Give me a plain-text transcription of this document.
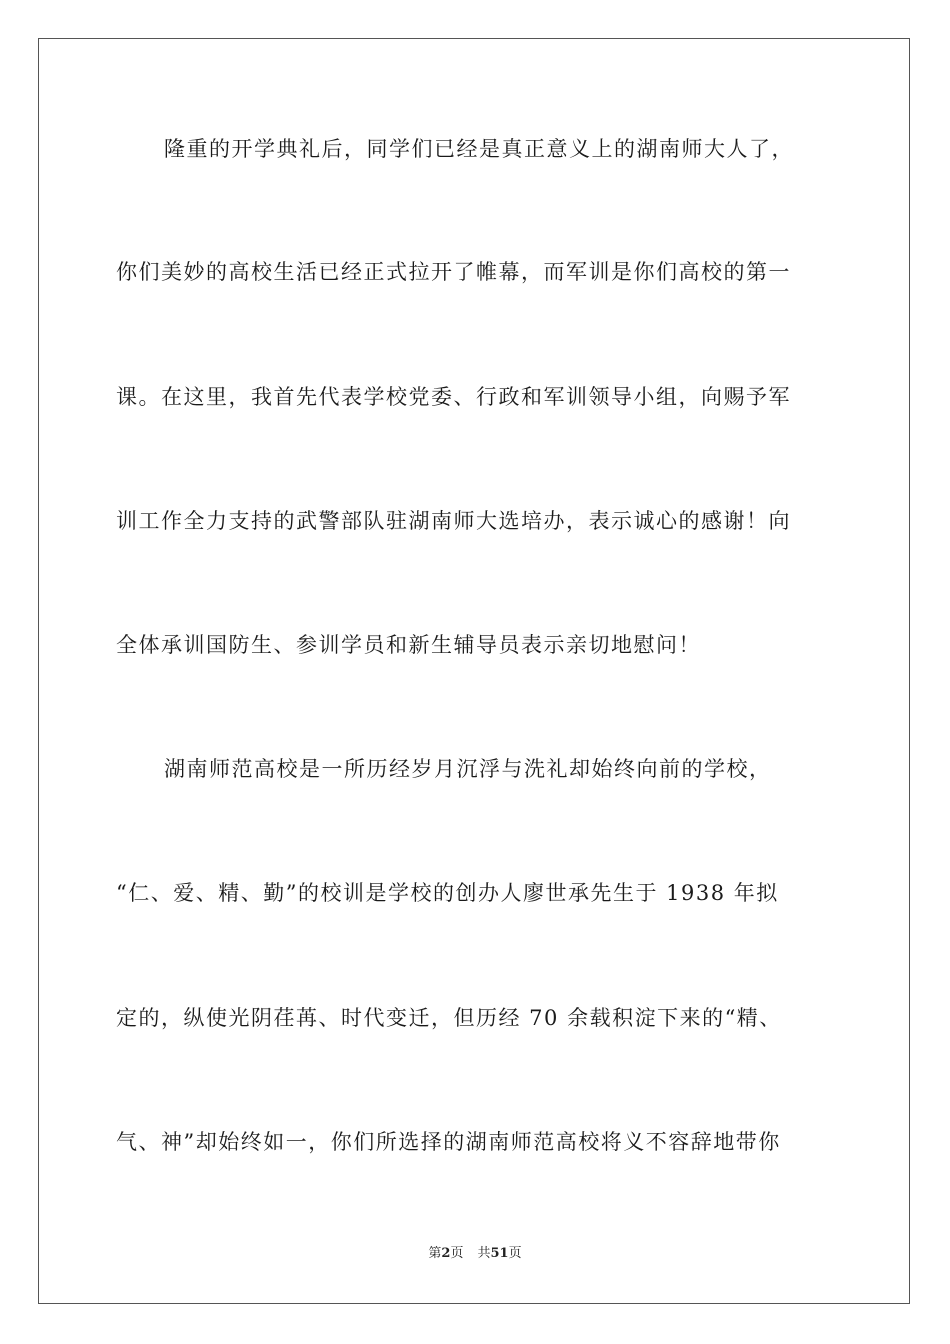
隆重的开学典礼后，同学们已经是真正意义上的湖南师大人了，
你们美妙的高校生活已经正式拉开了帷幕，而军训是你们高校的第一
课。在这里，我首先代表学校党委、行政和军训领导小组，向赐予军
训工作全力支持的武警部队驻湖南师大选培办，表示诚心的感谢！向
全体承训国防生、参训学员和新生辅导员表示亲切地慰问！
湖南师范高校是一所历经岁月沉浮与洗礼却始终向前的学校，
“仁、爱、精、勤”的校训是学校的创办人廖世承先生于 1938 年拟
定的，纵使光阴荏苒、时代变迁，但历经 70 余载积淀下来的“精、
气、神”却始终如一，你们所选择的湖南师范高校将义不容辞地带你
第2页 共51页
